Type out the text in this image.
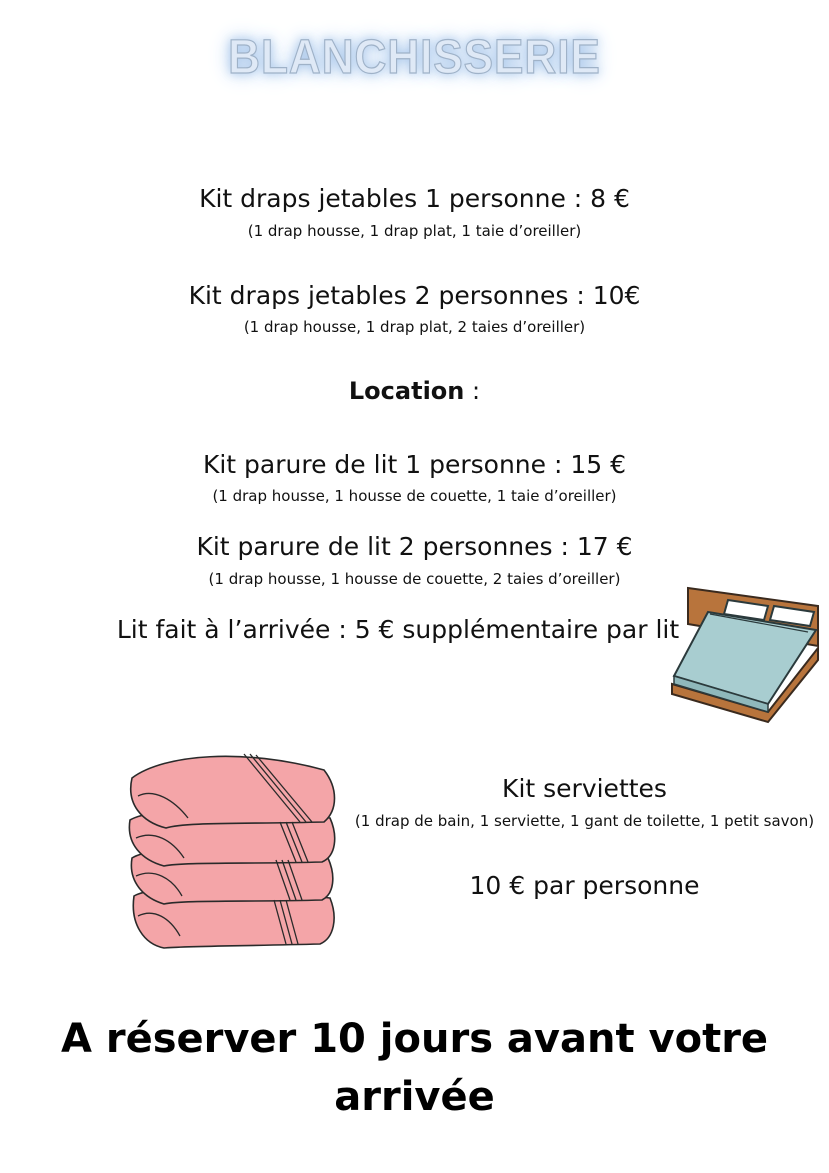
BLANCHISSERIE
Kit draps jetables 1 personne : 8 €
(1 drap housse, 1 drap plat, 1 taie d’oreiller)
Kit draps jetables 2 personnes : 10€
(1 drap housse, 1 drap plat, 2 taies d’oreiller)
Location :
Kit parure de lit 1 personne : 15 €
(1 drap housse, 1 housse de couette, 1 taie d’oreiller)
Kit parure de lit 2 personnes : 17 €
(1 drap housse, 1 housse de couette, 2 taies d’oreiller)
Lit fait à l’arrivée : 5 € supplémentaire par lit
Kit serviettes
(1 drap de bain, 1 serviette, 1 gant de toilette, 1 petit savon)
10 € par personne
A réserver 10 jours avant votre
arrivée
